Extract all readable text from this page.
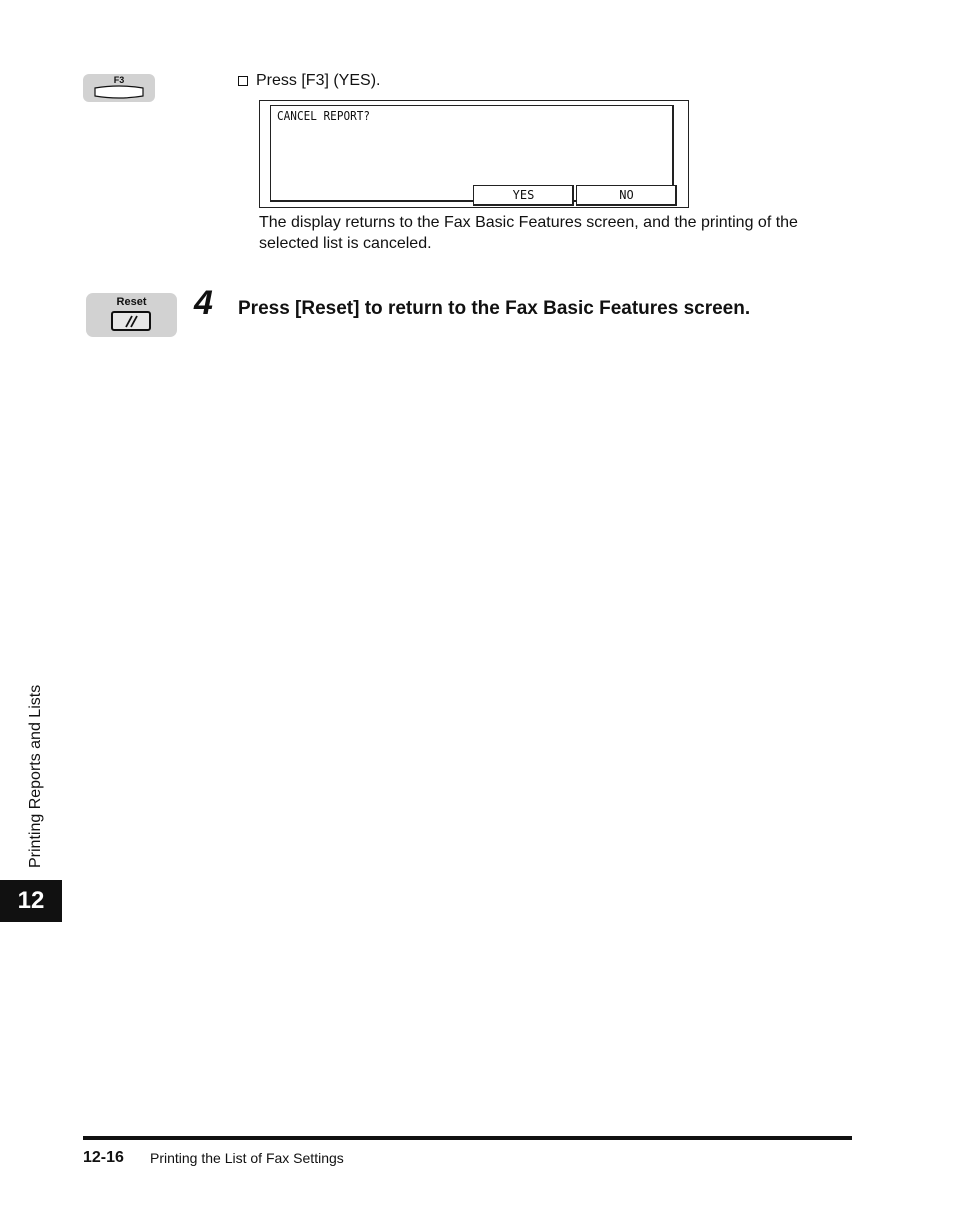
F3	Press [F3] (YES).
CANCEL REPORT?
YES	NO
The display returns to the Fax Basic Features screen, and the printing of the selected list is canceled.
Reset	4 Press [Reset] to return to the Fax Basic Features screen.
Printing Reports and Lists
12
12-16 Printing the List of Fax Settings
